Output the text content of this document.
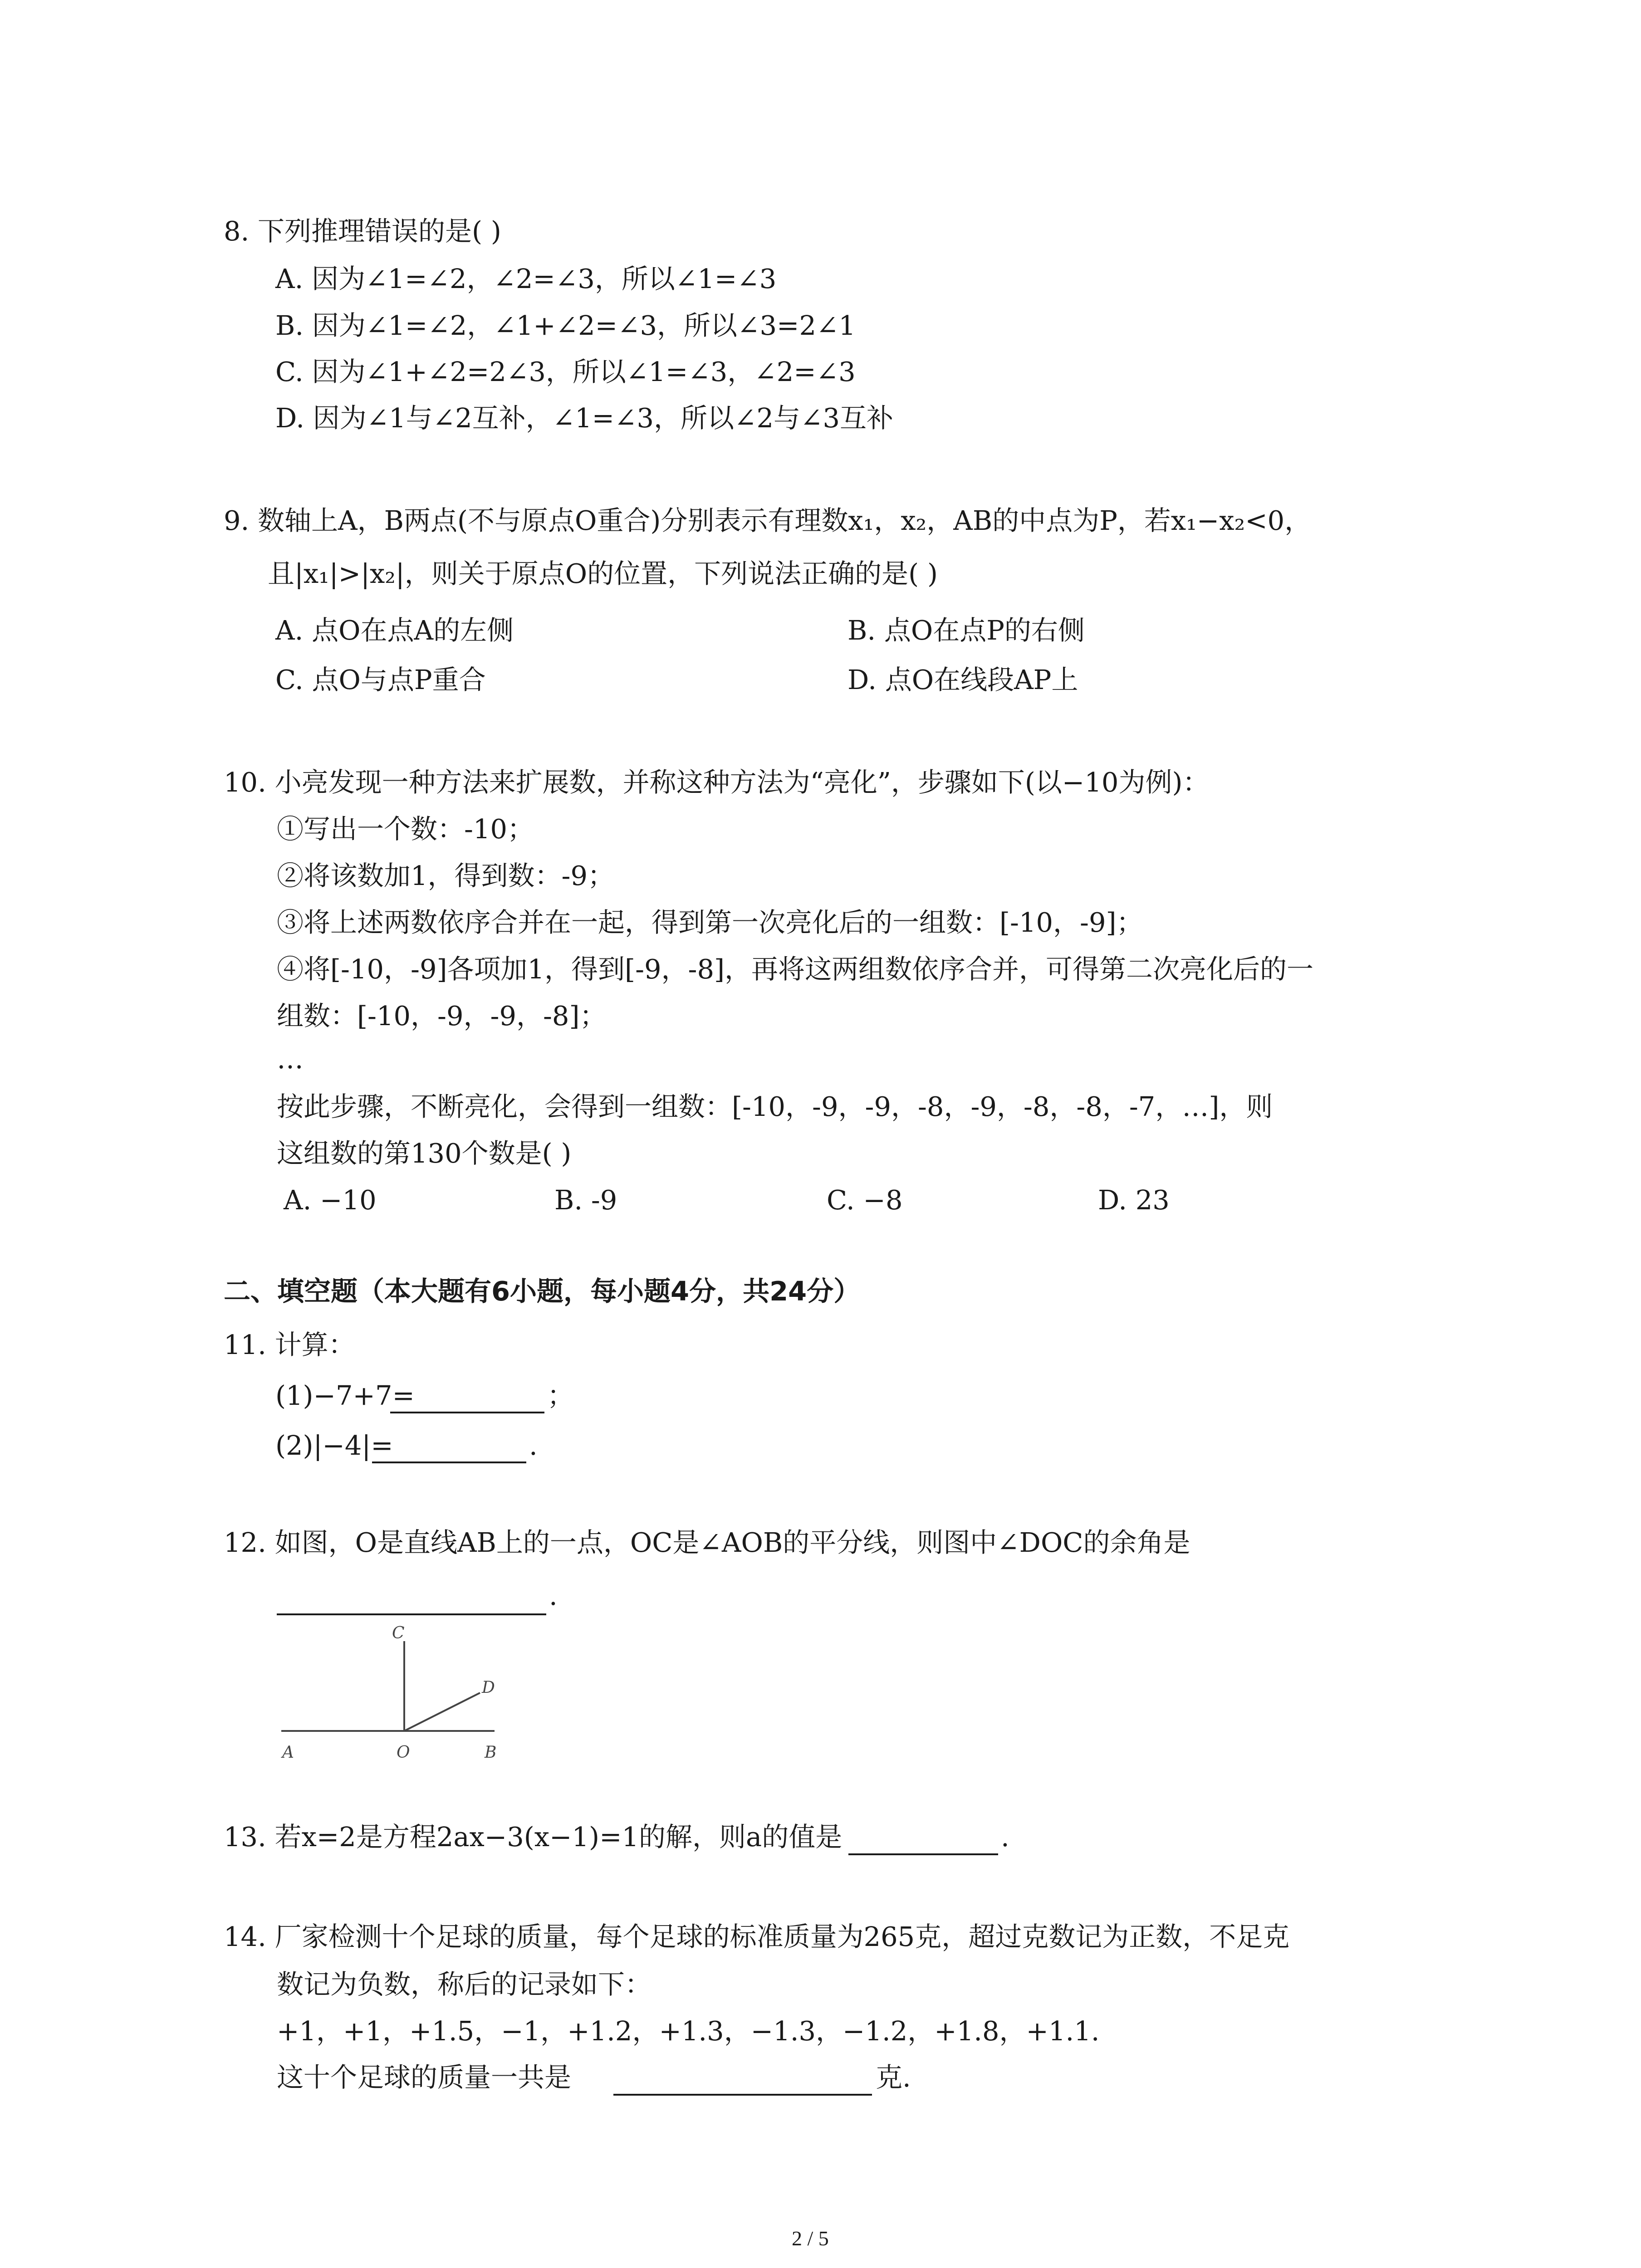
8. 下列推理错误的是( )
A. 因为∠1=∠2，∠2=∠3，所以∠1=∠3
B. 因为∠1=∠2，∠1+∠2=∠3，所以∠3=2∠1
C. 因为∠1+∠2=2∠3，所以∠1=∠3，∠2=∠3
D. 因为∠1与∠2互补，∠1=∠3，所以∠2与∠3互补
9. 数轴上A，B两点(不与原点O重合)分别表示有理数x₁，x₂，AB的中点为P，若x₁−x₂<0，
且|x₁|>|x₂|，则关于原点O的位置，下列说法正确的是( )
A. 点O在点A的左侧	B. 点O在点P的右侧
C. 点O与点P重合	D. 点O在线段AP上
10. 小亮发现一种方法来扩展数，并称这种方法为“亮化”，步骤如下(以−10为例)：
①写出一个数：-10；
②将该数加1，得到数：-9；
③将上述两数依序合并在一起，得到第一次亮化后的一组数：[-10，-9]；
④将[-10，-9]各项加1，得到[-9，-8]，再将这两组数依序合并，可得第二次亮化后的一
组数：[-10，-9，-9，-8]；
…
按此步骤，不断亮化，会得到一组数：[-10，-9，-9，-8，-9，-8，-8，-7，…]，则
这组数的第130个数是( )
A. −10	B. -9	C. −8	D. 23
二、填空题（本大题有6小题，每小题4分，共24分）
11. 计算：
(1)−7+7=	；
(2)|−4|=	.
12. 如图，O是直线AB上的一点，OC是∠AOB的平分线，则图中∠DOC的余角是
.
A	O	B
C
D
13. 若x=2是方程2ax−3(x−1)=1的解，则a的值是	.
14. 厂家检测十个足球的质量，每个足球的标准质量为265克，超过克数记为正数，不足克
数记为负数，称后的记录如下：
+1，+1，+1.5，−1，+1.2，+1.3，−1.3，−1.2，+1.8，+1.1.
这十个足球的质量一共是	克.
2 / 5
